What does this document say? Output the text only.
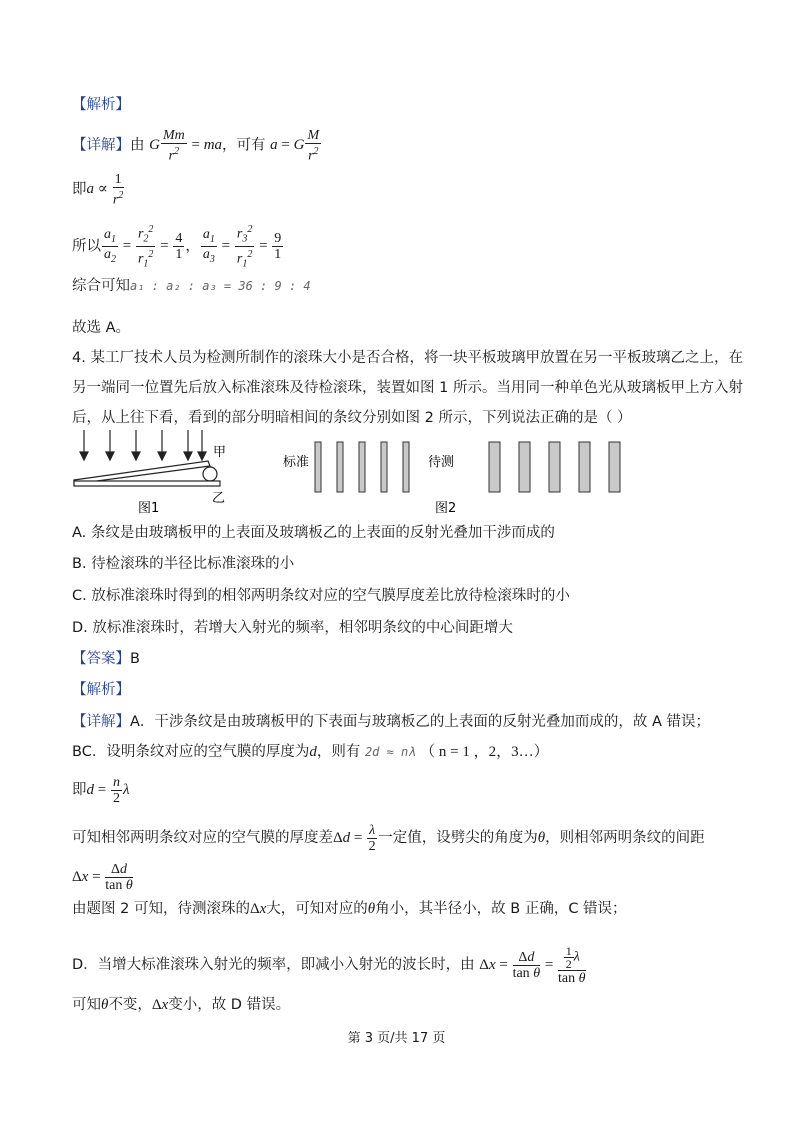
【解析】
【详解】由 G $\frac{Mm}{r^2}$ = ma，可有 a = G $\frac{M}{r^2}$
即$a \propto \frac{1}{r^2}$
所以 $\frac{a_1}{a_2} = \frac{r_2^2}{r_1^2} = \frac{4}{1}$ ， $\frac{a_1}{a_3} = \frac{r_3^2}{r_1^2} = \frac{9}{1}$
综合可知a₁ : a₂ : a₃ = 36 : 9 : 4
故选 A。
4. 某工厂技术人员为检测所制作的滚珠大小是否合格，将一块平板玻璃甲放置在另一平板玻璃乙之上，在
另一端同一位置先后放入标准滚珠及待检滚珠，装置如图 1 所示。当用同一种单色光从玻璃板甲上方入射
后，从上往下看，看到的部分明暗相间的条纹分别如图 2 所示，下列说法正确的是（ ）
甲
乙
图1
标准	待测
图2
A. 条纹是由玻璃板甲的上表面及玻璃板乙的上表面的反射光叠加干涉而成的
B. 待检滚珠的半径比标准滚珠的小
C. 放标准滚珠时得到的相邻两明条纹对应的空气膜厚度差比放待检滚珠时的小
D. 放标准滚珠时，若增大入射光的频率，相邻明条纹的中心间距增大
【答案】B
【解析】
【详解】A．干涉条纹是由玻璃板甲的下表面与玻璃板乙的上表面的反射光叠加而成的，故 A 错误；
BC．设明条纹对应的空气膜的厚度为d，则有 2d ≈ nλ （ n = 1 ，2，3…）
即$d = \frac{n}{2}$ λ
可知相邻两明条纹对应的空气膜的厚度差$\Delta d = \frac{\lambda}{2}$ 一定值，设劈尖的角度为θ，则相邻两明条纹的间距
$\Delta x = \frac{\Delta d}{\text{tan θ}}$
由题图 2 可知，待测滚珠的Δx大，可知对应的θ角小，其半径小，故 B 正确，C 错误；
D．当增大标准滚珠入射光的频率，即减小入射光的波长时，由 $\Delta x = \frac{\Delta d}{\text{tan θ}} = \frac{\frac{1}{2} \lambda}{\text{tan θ}}$
可知θ不变，Δx变小，故 D 错误。
第 3 页/共 17 页
